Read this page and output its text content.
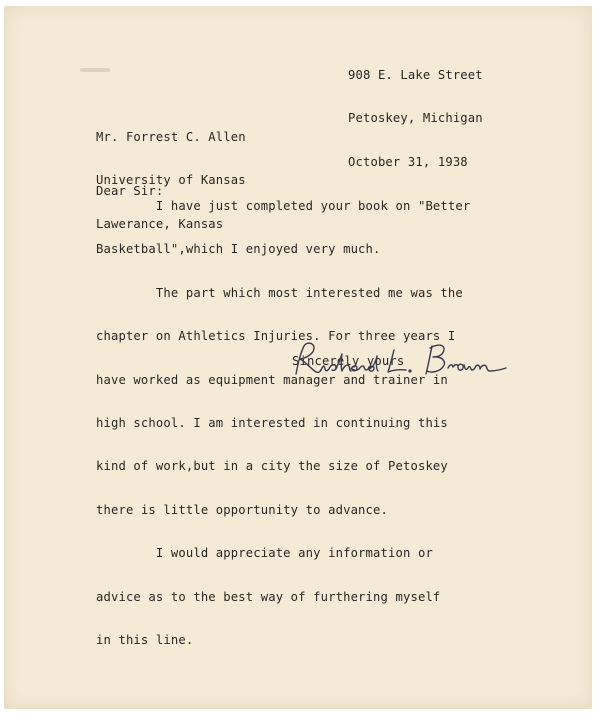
908 E. Lake Street

Petoskey, Michigan

October 31, 1938

Mr. Forrest C. Allen

University of Kansas

Lawerance, Kansas

Dear Sir:

I have just completed your book on "Better

Basketball",which I enjoyed very much.

The part which most interested me was the

chapter on Athletics Injuries. For three years I

have worked as equipment manager and trainer in

high school. I am interested in continuing this

kind of work,but in a city the size of Petoskey

there is little opportunity to advance.

I would appreciate any information or

advice as to the best way of furthering myself

in this line.

Sincerely yours
